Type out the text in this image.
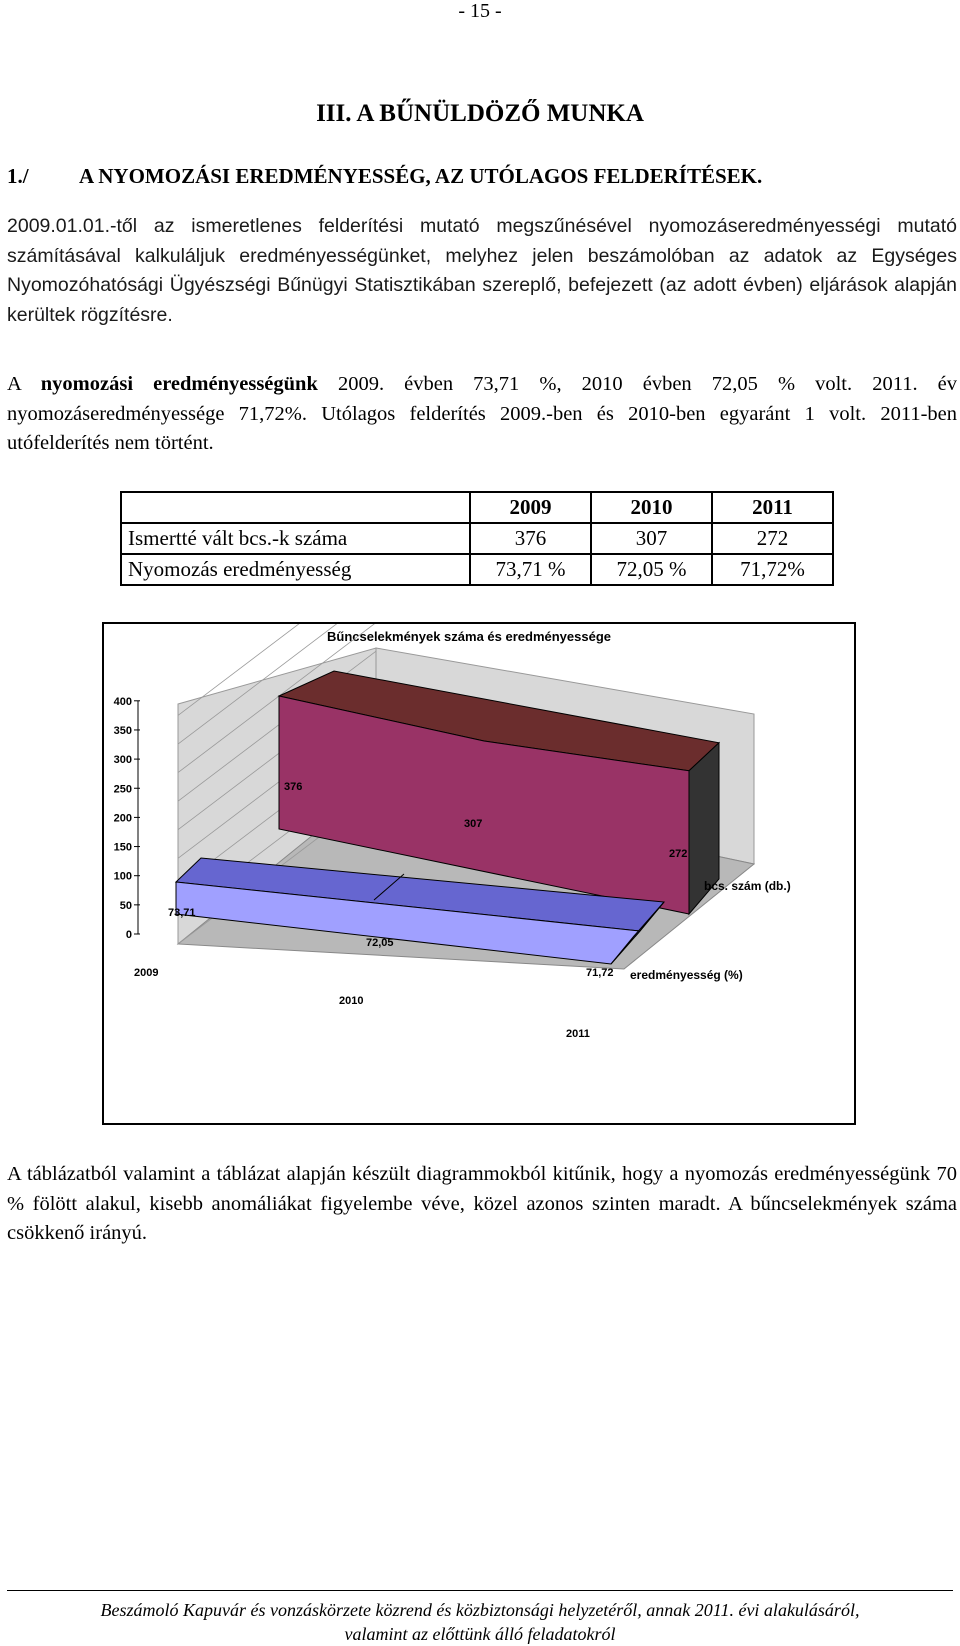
- 15 -
III. A BŰNÜLDÖZŐ MUNKA
1./ A NYOMOZÁSI EREDMÉNYESSÉG, AZ UTÓLAGOS FELDERÍTÉSEK.

2009.01.01.-től az ismeretlenes felderítési mutató megszűnésével nyomozáseredményességi mutató számításával kalkuláljuk eredményességünket, melyhez jelen beszámolóban az adatok az Egységes Nyomozóhatósági Ügyészségi Bűnügyi Statisztikában szereplő, befejezett (az adott évben) eljárások alapján kerültek rögzítésre.

A nyomozási eredményességünk 2009. évben 73,71 %, 2010 évben 72,05 % volt. 2011. év nyomozáseredményessége 71,72%. Utólagos felderítés 2009.-ben és 2010-ben egyaránt 1 volt. 2011-ben utófelderítés nem történt.

	2009	2010	2011
Ismertté vált bcs.-k száma	376	307	272
Nyomozás eredményesség	73,71 %	72,05 %	71,72%
Bűncselekmények száma és eredményessége
0
50
100
150
200
250
300
350
400
376
307
272
73,71
72,05
71,72
2009
2010
2011
bcs. szám (db.)
eredményesség (%)

A táblázatból valamint a táblázat alapján készült diagrammokból kitűnik, hogy a nyomozás eredményességünk 70 % fölött alakul, kisebb anomáliákat figyelembe véve, közel azonos szinten maradt. A bűncselekmények száma csökkenő irányú.

Beszámoló Kapuvár és vonzáskörzete közrend és közbiztonsági helyzetéről, annak 2011. évi alakulásáról,
valamint az előttünk álló feladatokról
